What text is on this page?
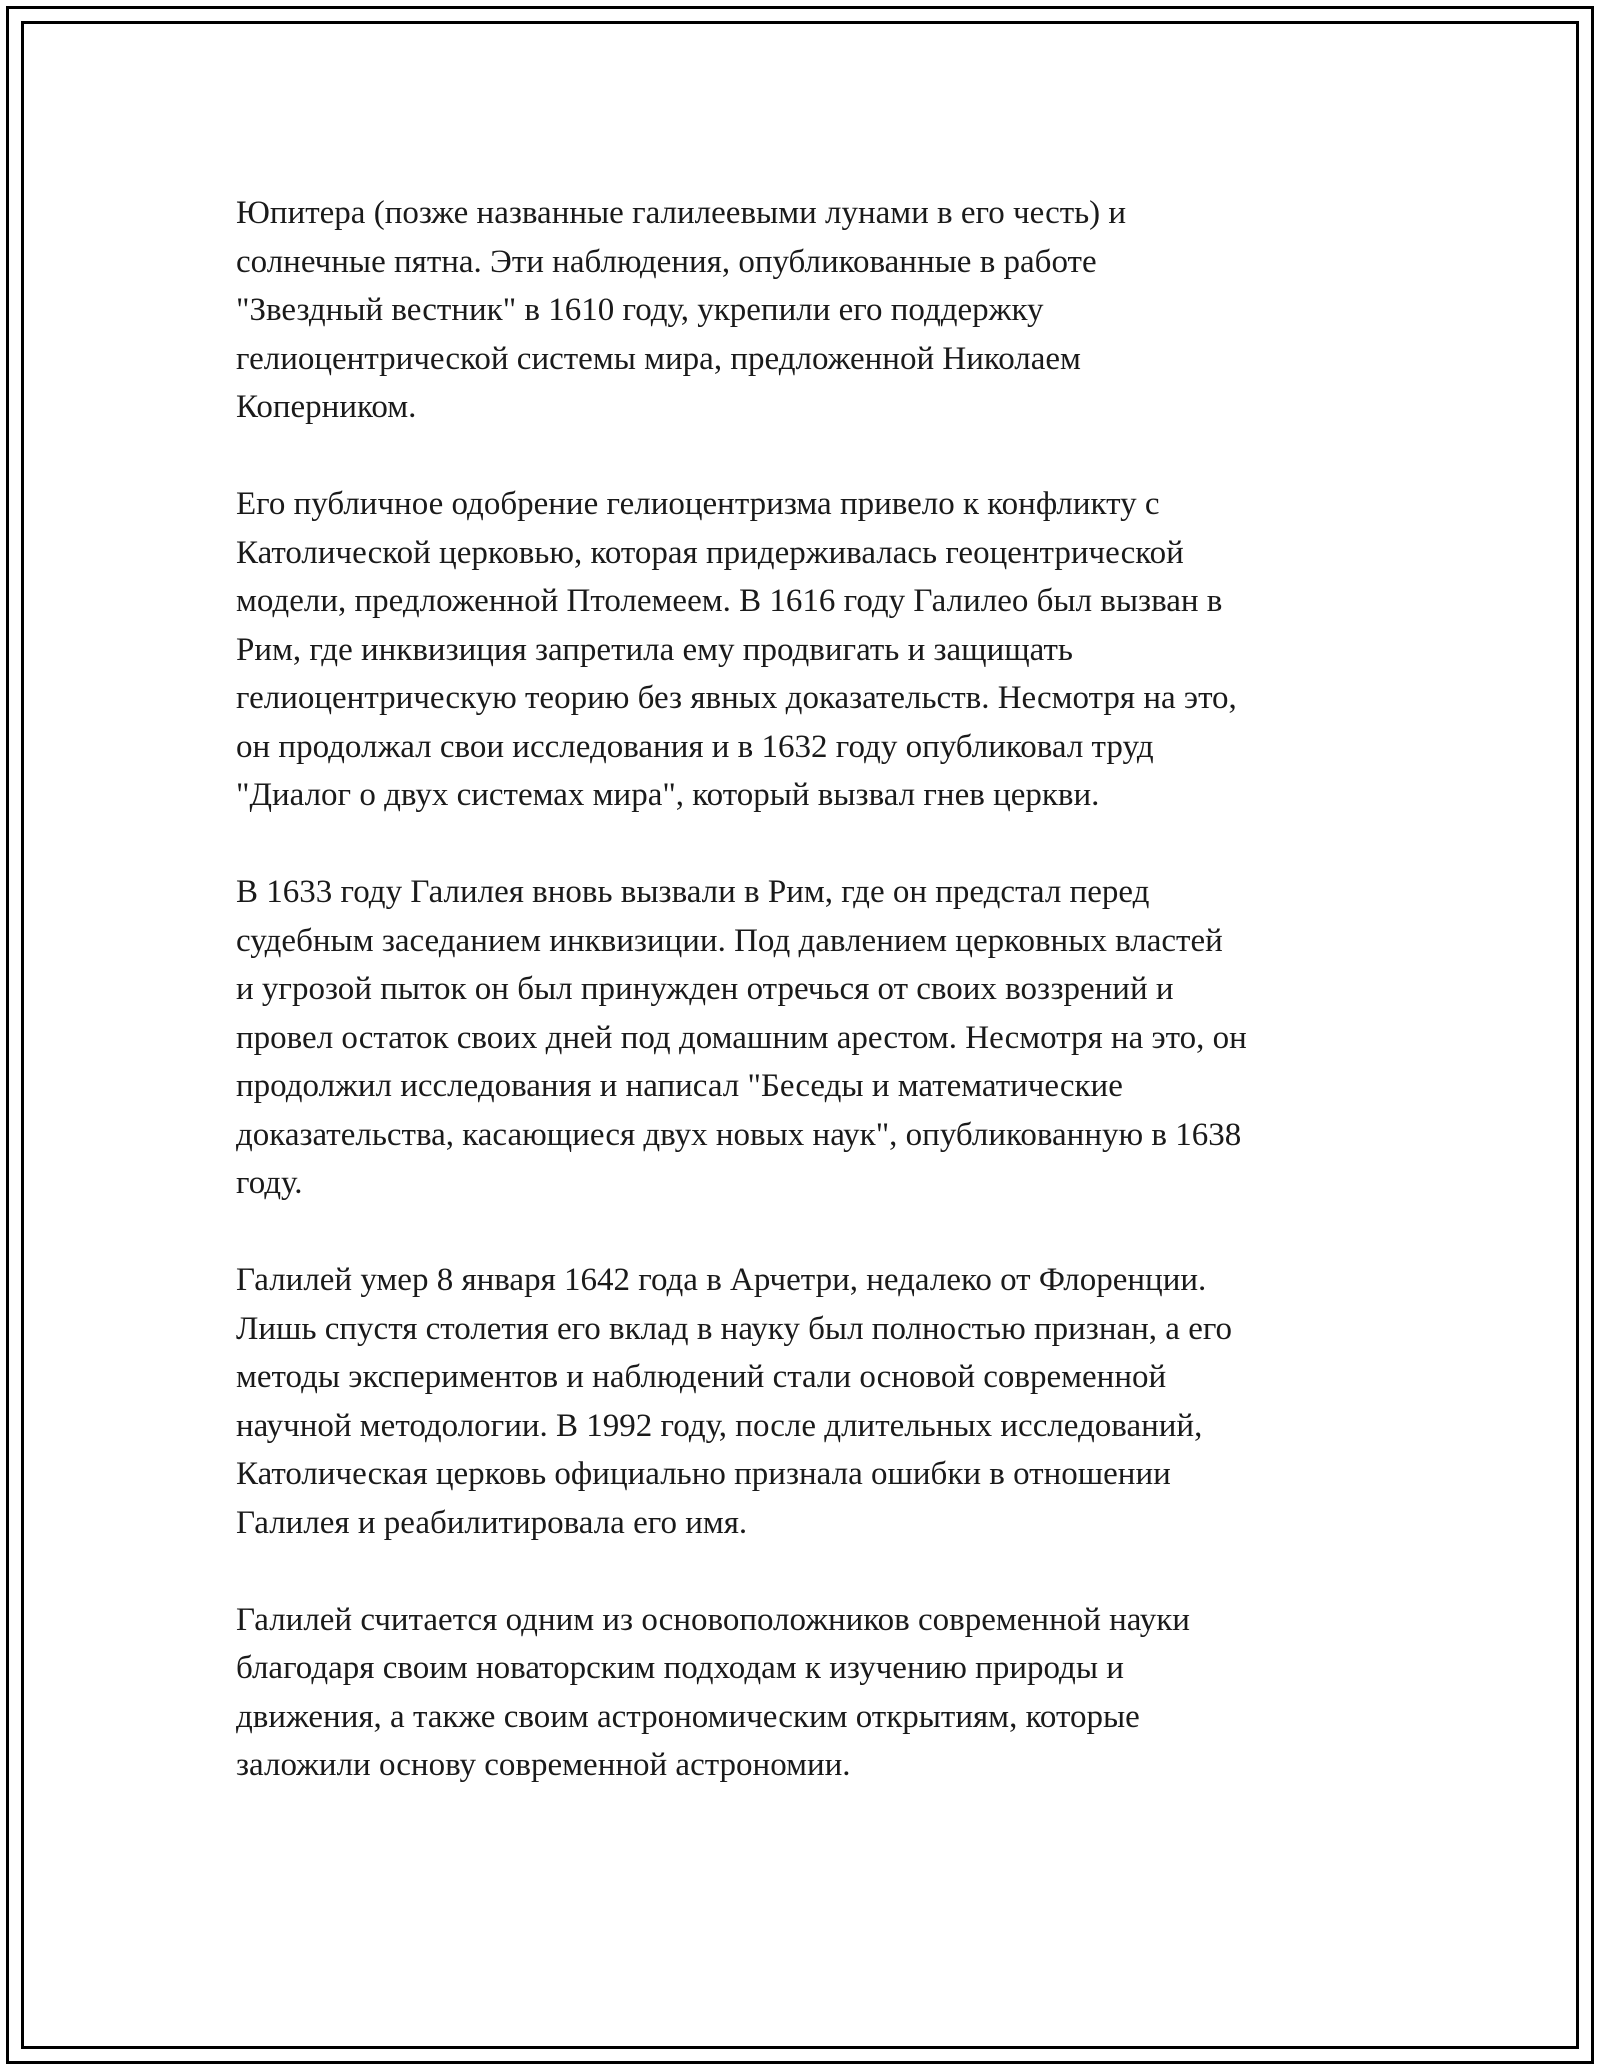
Юпитера (позже названные галилеевыми лунами в его честь) и
солнечные пятна. Эти наблюдения, опубликованные в работе
"Звездный вестник" в 1610 году, укрепили его поддержку
гелиоцентрической системы мира, предложенной Николаем
Коперником.

Его публичное одобрение гелиоцентризма привело к конфликту с
Католической церковью, которая придерживалась геоцентрической
модели, предложенной Птолемеем. В 1616 году Галилео был вызван в
Рим, где инквизиция запретила ему продвигать и защищать
гелиоцентрическую теорию без явных доказательств. Несмотря на это,
он продолжал свои исследования и в 1632 году опубликовал труд
"Диалог о двух системах мира", который вызвал гнев церкви.

В 1633 году Галилея вновь вызвали в Рим, где он предстал перед
судебным заседанием инквизиции. Под давлением церковных властей
и угрозой пыток он был принужден отречься от своих воззрений и
провел остаток своих дней под домашним арестом. Несмотря на это, он
продолжил исследования и написал "Беседы и математические
доказательства, касающиеся двух новых наук", опубликованную в 1638
году.

Галилей умер 8 января 1642 года в Арчетри, недалеко от Флоренции.
Лишь спустя столетия его вклад в науку был полностью признан, а его
методы экспериментов и наблюдений стали основой современной
научной методологии. В 1992 году, после длительных исследований,
Католическая церковь официально признала ошибки в отношении
Галилея и реабилитировала его имя.

Галилей считается одним из основоположников современной науки
благодаря своим новаторским подходам к изучению природы и
движения, а также своим астрономическим открытиям, которые
заложили основу современной астрономии.
